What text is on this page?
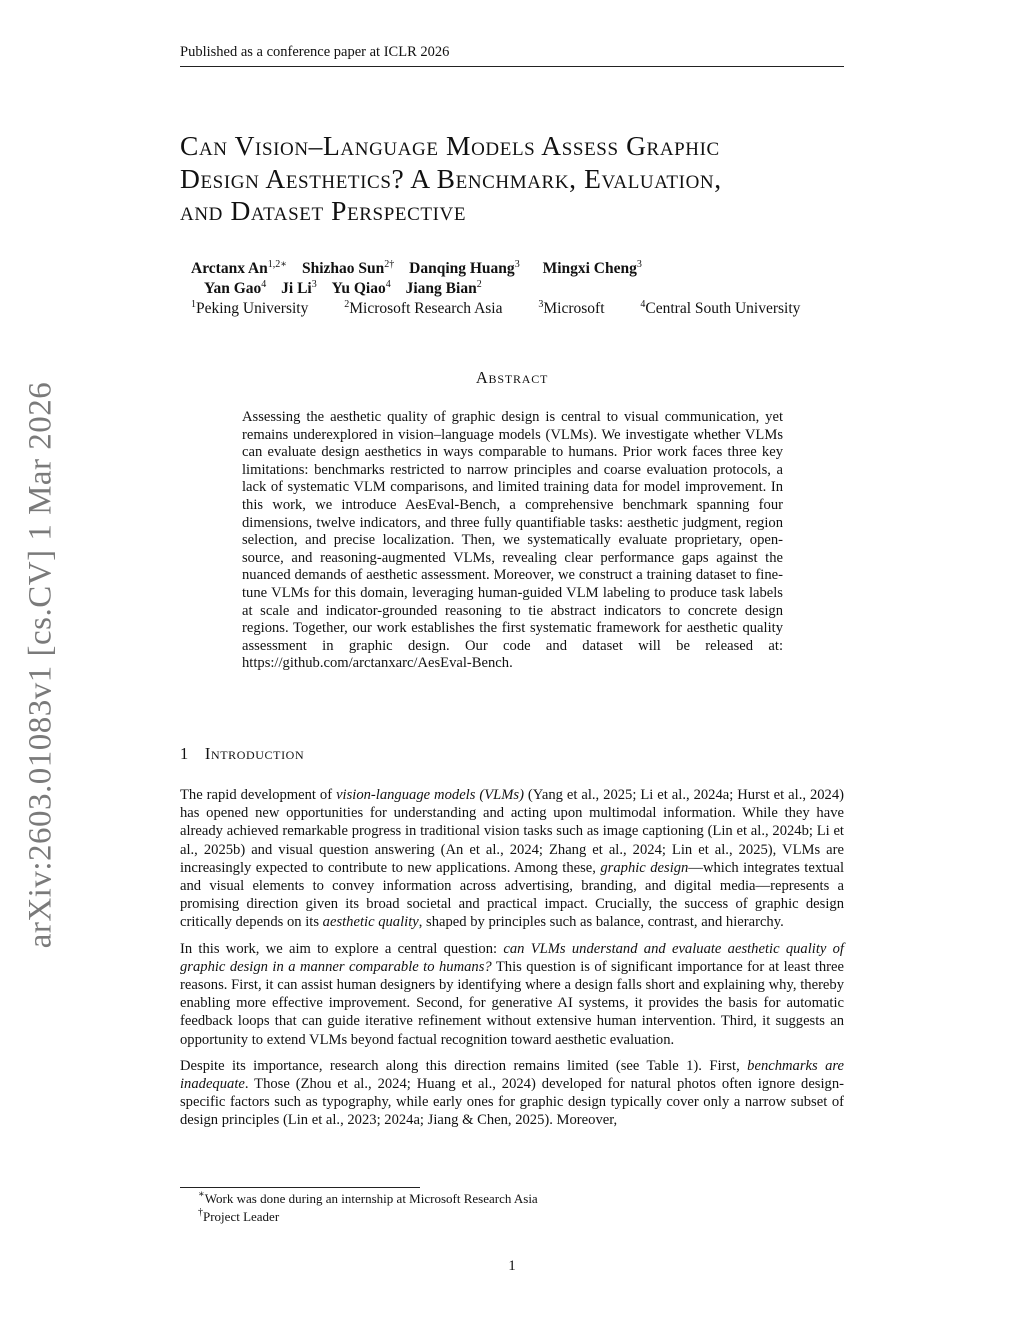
Published as a conference paper at ICLR 2026
arXiv:2603.01083v1 [cs.CV] 1 Mar 2026
Can Vision–Language Models Assess Graphic
Design Aesthetics? A Benchmark, Evaluation,
and Dataset Perspective
Arctanx $An^{1,2∗}$ Shizhao Sun$^{2\dagger}$ Danqing Huang$^3$ Mingxi Cheng$^3$
Yan Gao$^4$ Ji Li$^3$ Yu Qiao$^4$ Jiang Bian$^2$
$^1$Peking University	$^2$Microsoft Research Asia	$^3$Microsoft	$^4$Central South University
Abstract
Assessing the aesthetic quality of graphic design is central to visual communication, yet remains underexplored in vision–language models (VLMs). We investigate whether VLMs can evaluate design aesthetics in ways comparable to humans. Prior work faces three key limitations: benchmarks restricted to narrow principles and coarse evaluation protocols, a lack of systematic VLM comparisons, and limited training data for model improvement. In this work, we introduce AesEval-Bench, a comprehensive benchmark spanning four dimensions, twelve indicators, and three fully quantifiable tasks: aesthetic judgment, region selection, and precise localization. Then, we systematically evaluate proprietary, open-source, and reasoning-augmented VLMs, revealing clear performance gaps against the nuanced demands of aesthetic assessment. Moreover, we construct a training dataset to fine-tune VLMs for this domain, leveraging human-guided VLM labeling to produce task labels at scale and indicator-grounded reasoning to tie abstract indicators to concrete design regions. Together, our work establishes the first systematic framework for aesthetic quality assessment in graphic design. Our code and dataset will be released at: https://github.com/arctanxarc/AesEval-Bench.
1 Introduction

The rapid development of vision-language models (VLMs) (Yang et al., 2025; Li et al., 2024a; Hurst et al., 2024) has opened new opportunities for understanding and acting upon multimodal information. While they have already achieved remarkable progress in traditional vision tasks such as image captioning (Lin et al., 2024b; Li et al., 2025b) and visual question answering (An et al., 2024; Zhang et al., 2024; Lin et al., 2025), VLMs are increasingly expected to contribute to new applications. Among these, graphic design—which integrates textual and visual elements to convey information across advertising, branding, and digital media—represents a promising direction given its broad societal and practical impact. Crucially, the success of graphic design critically depends on its aesthetic quality, shaped by principles such as balance, contrast, and hierarchy.

In this work, we aim to explore a central question: can VLMs understand and evaluate aesthetic quality of graphic design in a manner comparable to humans? This question is of significant importance for at least three reasons. First, it can assist human designers by identifying where a design falls short and explaining why, thereby enabling more effective improvement. Second, for generative AI systems, it provides the basis for automatic feedback loops that can guide iterative refinement without extensive human intervention. Third, it suggests an opportunity to extend VLMs beyond factual recognition toward aesthetic evaluation.

Despite its importance, research along this direction remains limited (see Table 1). First, benchmarks are inadequate. Those (Zhou et al., 2024; Huang et al., 2024) developed for natural photos often ignore design-specific factors such as typography, while early ones for graphic design typically cover only a narrow subset of design principles (Lin et al., 2023; 2024a; Jiang & Chen, 2025). Moreover,

∗Work was done during an internship at Microsoft Research Asia
†Project Leader
1
